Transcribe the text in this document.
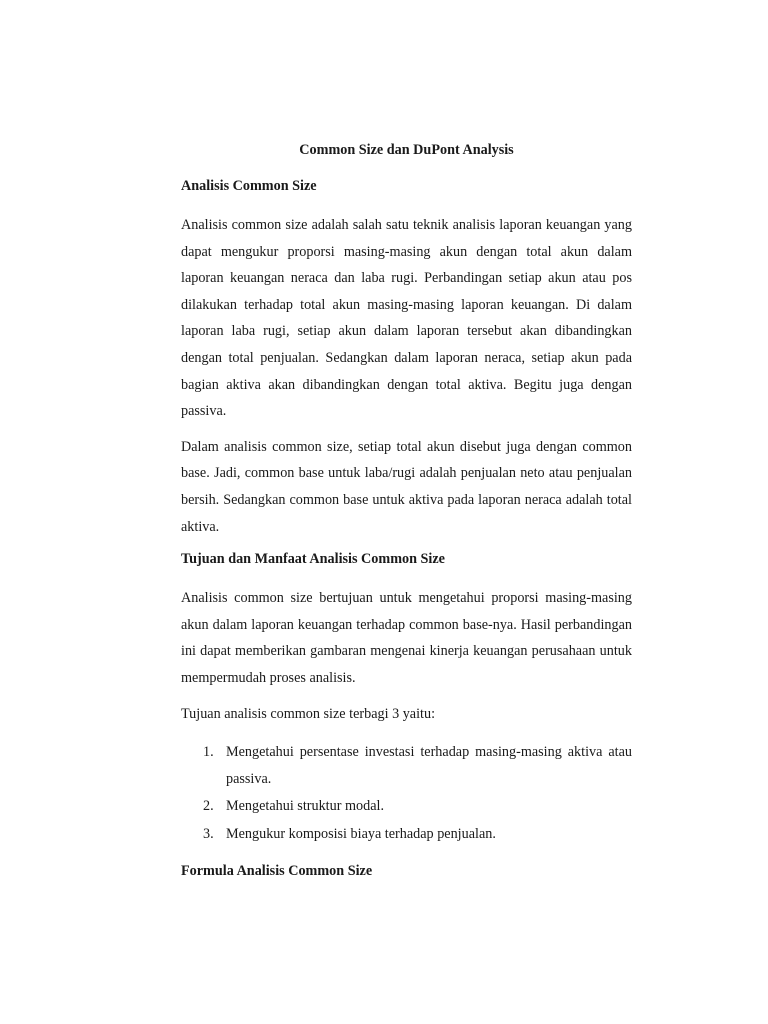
Common Size dan DuPont Analysis
Analisis Common Size

Analisis common size adalah salah satu teknik analisis laporan keuangan yang dapat mengukur proporsi masing-masing akun dengan total akun dalam laporan keuangan neraca dan laba rugi. Perbandingan setiap akun atau pos dilakukan terhadap total akun masing-masing laporan keuangan. Di dalam laporan laba rugi, setiap akun dalam laporan tersebut akan dibandingkan dengan total penjualan. Sedangkan dalam laporan neraca, setiap akun pada bagian aktiva akan dibandingkan dengan total aktiva. Begitu juga dengan passiva.

Dalam analisis common size, setiap total akun disebut juga dengan common base. Jadi, common base untuk laba/rugi adalah penjualan neto atau penjualan bersih. Sedangkan common base untuk aktiva pada laporan neraca adalah total aktiva.

Tujuan dan Manfaat Analisis Common Size

Analisis common size bertujuan untuk mengetahui proporsi masing-masing akun dalam laporan keuangan terhadap common base-nya. Hasil perbandingan ini dapat memberikan gambaran mengenai kinerja keuangan perusahaan untuk mempermudah proses analisis.

Tujuan analisis common size terbagi 3 yaitu:

1. Mengetahui persentase investasi terhadap masing-masing aktiva atau passiva.
2. Mengetahui struktur modal.
3. Mengukur komposisi biaya terhadap penjualan.
Formula Analisis Common Size
